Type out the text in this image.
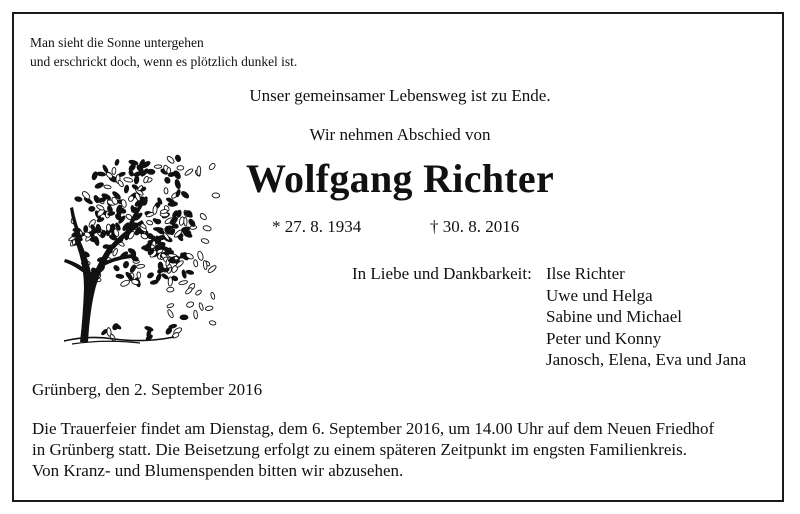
Man sieht die Sonne untergehen
und erschrickt doch, wenn es plötzlich dunkel ist.
Unser gemeinsamer Lebensweg ist zu Ende.
Wir nehmen Abschied von
Wolfgang Richter
* 27. 8. 1934	† 30. 8. 2016
In Liebe und Dankbarkeit: Ilse Richter
Uwe und Helga
Sabine und Michael
Peter und Konny
Janosch, Elena, Eva und Jana
Grünberg, den 2. September 2016
Die Trauerfeier findet am Dienstag, dem 6. September 2016, um 14.00 Uhr auf dem Neuen Friedhof
in Grünberg statt. Die Beisetzung erfolgt zu einem späteren Zeitpunkt im engsten Familienkreis.
Von Kranz- und Blumenspenden bitten wir abzusehen.
